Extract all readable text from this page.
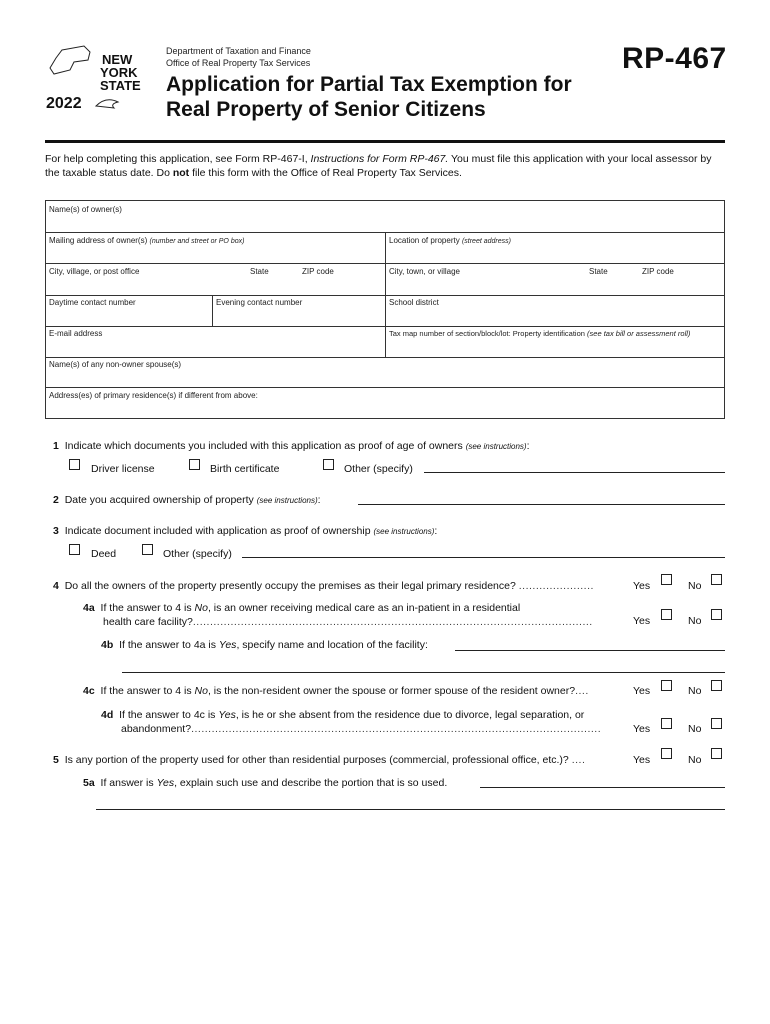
NEW
YORK
STATE
2022
Department of Taxation and Finance
Office of Real Property Tax Services
Application for Partial Tax Exemption for
Real Property of Senior Citizens
RP-467
For help completing this application, see Form RP-467-I, Instructions for Form RP-467. You must file this application with your local assessor by the taxable status date. Do not file this form with the Office of Real Property Tax Services.
Name(s) of owner(s)
Mailing address of owner(s) (number and street or PO box)	Location of property (street address)
City, village, or post office	State	ZIP code	City, town, or village	State	ZIP code
Daytime contact number	Evening contact number	School district
E-mail address	Tax map number of section/block/lot: Property identification (see tax bill or assessment roll)
Name(s) of any non-owner spouse(s)
Address(es) of primary residence(s) if different from above:
1 Indicate which documents you included with this application as proof of age of owners (see instructions):
Driver license	Birth certificate	Other (specify)
2 Date you acquired ownership of property (see instructions):
3 Indicate document included with application as proof of ownership (see instructions):
Deed	Other (specify)
4 Do all the owners of the property presently occupy the premises as their legal primary residence? ......................	Yes	No
4a If the answer to 4 is No, is an owner receiving medical care as an in-patient in a residential
health care facility?.....................................................................................................................	Yes	No
4b If the answer to 4a is Yes, specify name and location of the facility:
4c If the answer to 4 is No, is the non-resident owner the spouse or former spouse of the resident owner?....	Yes	No
4d If the answer to 4c is Yes, is he or she absent from the residence due to divorce, legal separation, or
abandonment?........................................................................................................................	Yes	No
5 Is any portion of the property used for other than residential purposes (commercial, professional office, etc.)? ....	Yes	No
5a If answer is Yes, explain such use and describe the portion that is so used.
